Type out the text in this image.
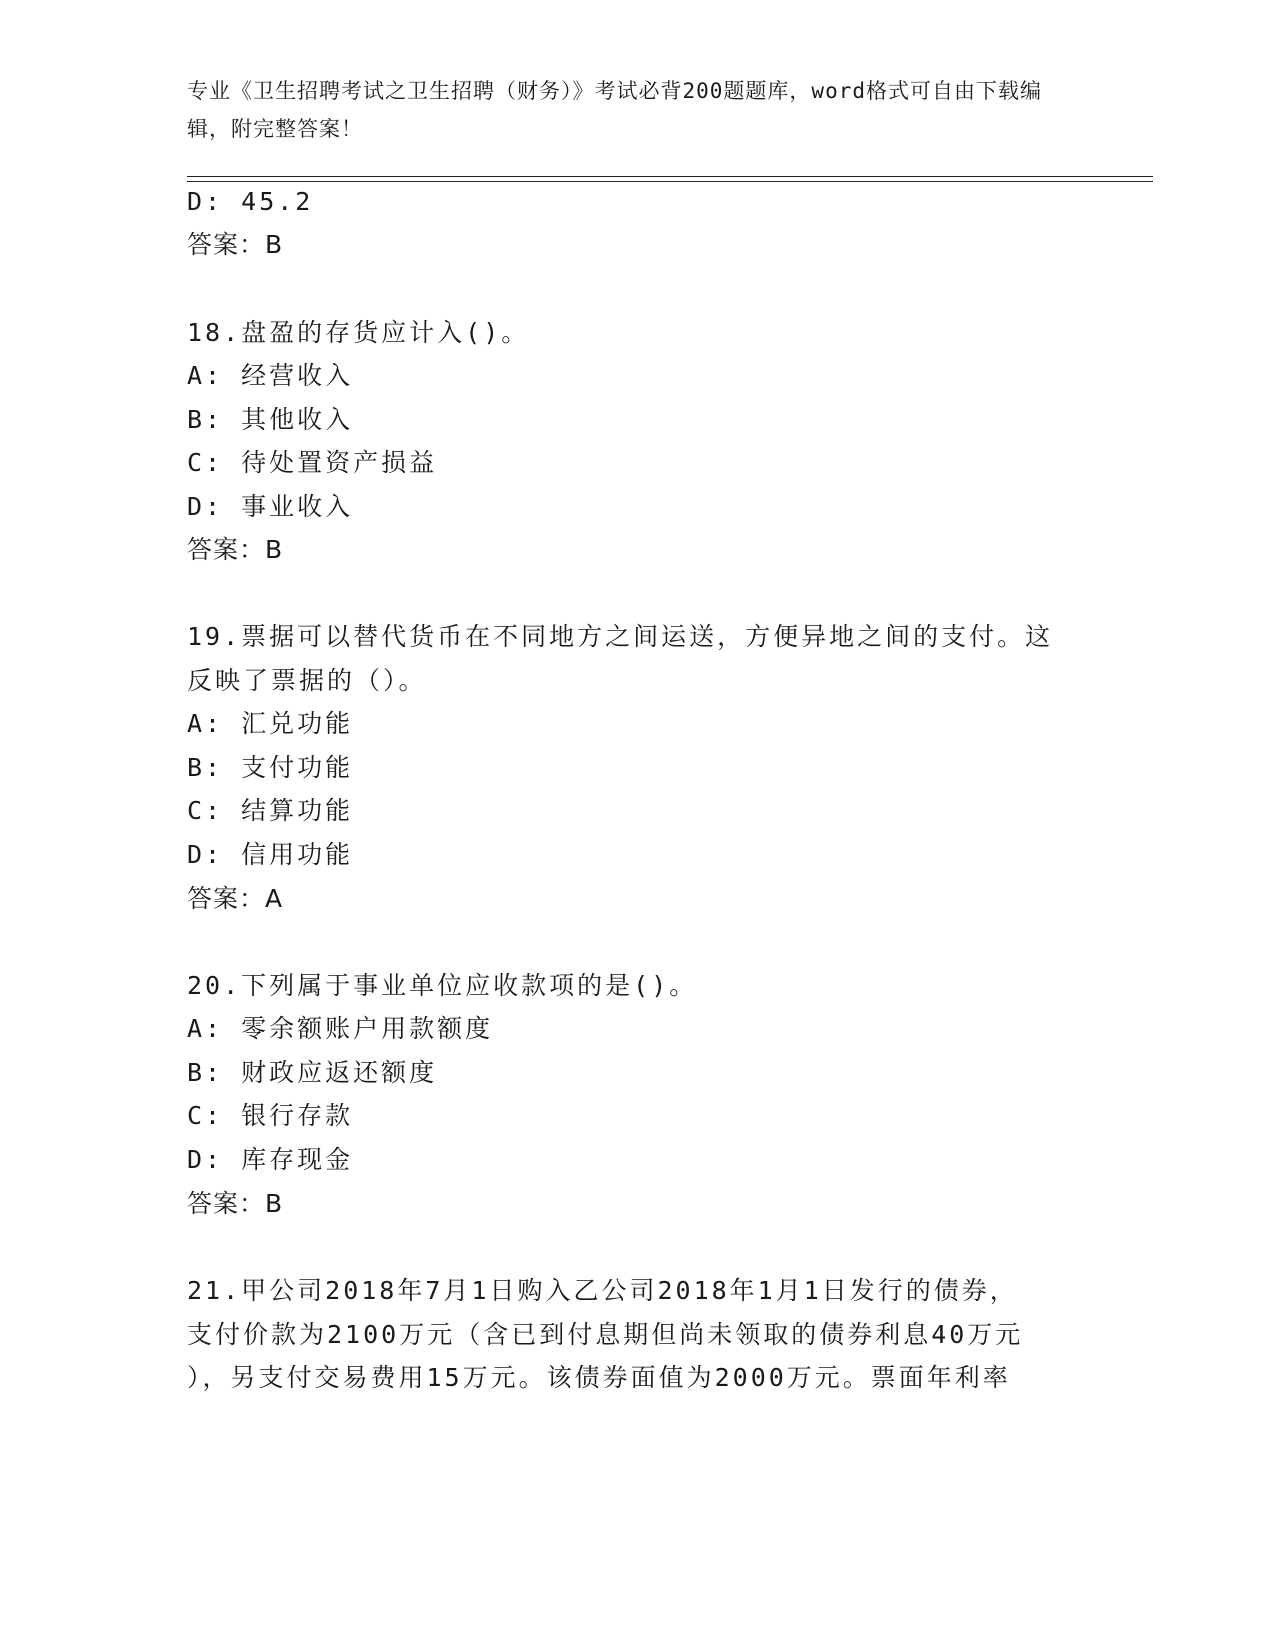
专业《卫生招聘考试之卫生招聘（财务）》考试必背200题题库，word格式可自由下载编辑，附完整答案！
D: 45.2
答案：B
18.盘盈的存货应计入()。
A: 经营收入
B: 其他收入
C: 待处置资产损益
D: 事业收入
答案：B
19.票据可以替代货币在不同地方之间运送，方便异地之间的支付。这
反映了票据的（）。
A: 汇兑功能
B: 支付功能
C: 结算功能
D: 信用功能
答案：A
20.下列属于事业单位应收款项的是()。
A: 零余额账户用款额度
B: 财政应返还额度
C: 银行存款
D: 库存现金
答案：B
21.甲公司2018年7月1日购入乙公司2018年1月1日发行的债券，
支付价款为2100万元（含已到付息期但尚未领取的债券利息40万元
），另支付交易费用15万元。该债券面值为2000万元。票面年利率
